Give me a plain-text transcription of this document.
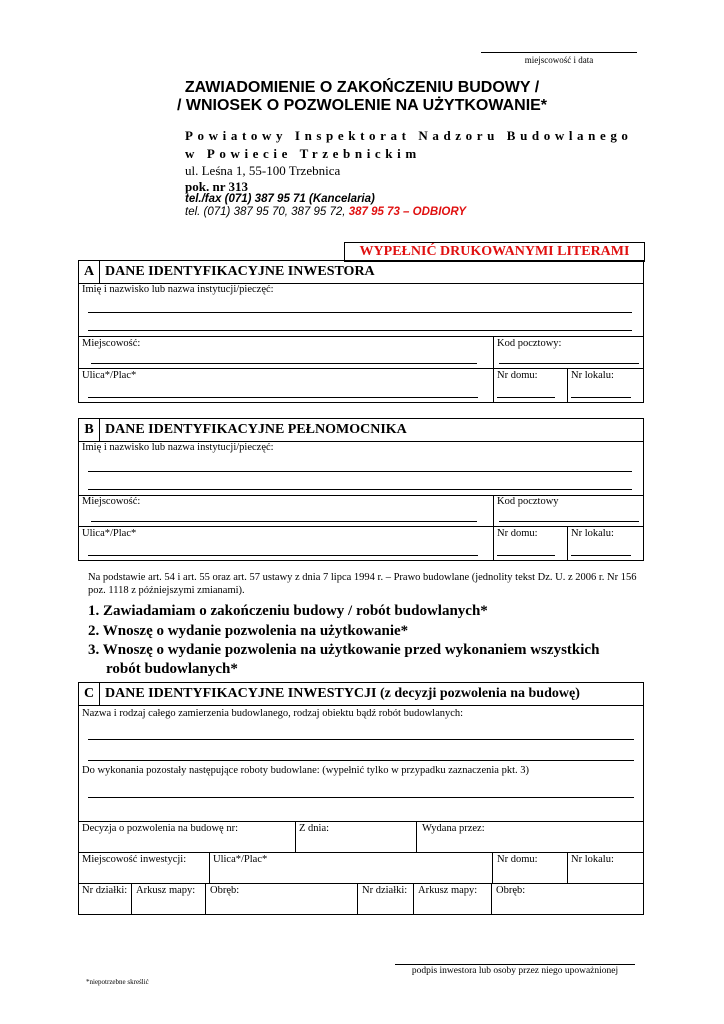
miejscowość i data
ZAWIADOMIENIE O ZAKOŃCZENIU BUDOWY /
/ WNIOSEK O POZWOLENIE NA UŻYTKOWANIE*
Powiatowy Inspektorat Nadzoru Budowlanego
w Powiecie Trzebnickim
ul. Leśna 1, 55-100 Trzebnica
pok. nr 313
tel./fax (071) 387 95 71 (Kancelaria)
tel. (071) 387 95 70, 387 95 72, 387 95 73 – ODBIORY
WYPEŁNIĆ DRUKOWANYMI LITERAMI
A DANE IDENTYFIKACYJNE INWESTORA
Imię i nazwisko lub nazwa instytucji/pieczęć:
Miejscowość:	Kod pocztowy:
Ulica*/Plac*	Nr domu:	Nr lokalu:
B DANE IDENTYFIKACYJNE PEŁNOMOCNIKA
Imię i nazwisko lub nazwa instytucji/pieczęć:
Miejscowość:	Kod pocztowy
Ulica*/Plac*	Nr domu:	Nr lokalu:
Na podstawie art. 54 i art. 55 oraz art. 57 ustawy z dnia 7 lipca 1994 r. – Prawo budowlane (jednolity tekst Dz. U. z 2006 r. Nr 156 poz. 1118 z późniejszymi zmianami).
1. Zawiadamiam o zakończeniu budowy / robót budowlanych*
2. Wnoszę o wydanie pozwolenia na użytkowanie*
3. Wnoszę o wydanie pozwolenia na użytkowanie przed wykonaniem wszystkich
robót budowlanych*
C DANE IDENTYFIKACYJNE INWESTYCJI (z decyzji pozwolenia na budowę)
Nazwa i rodzaj całego zamierzenia budowlanego, rodzaj obiektu bądź robót budowlanych:
Do wykonania pozostały następujące roboty budowlane: (wypełnić tylko w przypadku zaznaczenia pkt. 3)
Decyzja o pozwolenia na budowę nr:	Z dnia:	Wydana przez:
Miejscowość inwestycji:	Ulica*/Plac*	Nr domu:	Nr lokalu:
Nr działki: Arkusz mapy: Obręb:	Nr działki: Arkusz mapy: Obręb:
podpis inwestora lub osoby przez niego upoważnionej
*niepotrzebne skreślić
